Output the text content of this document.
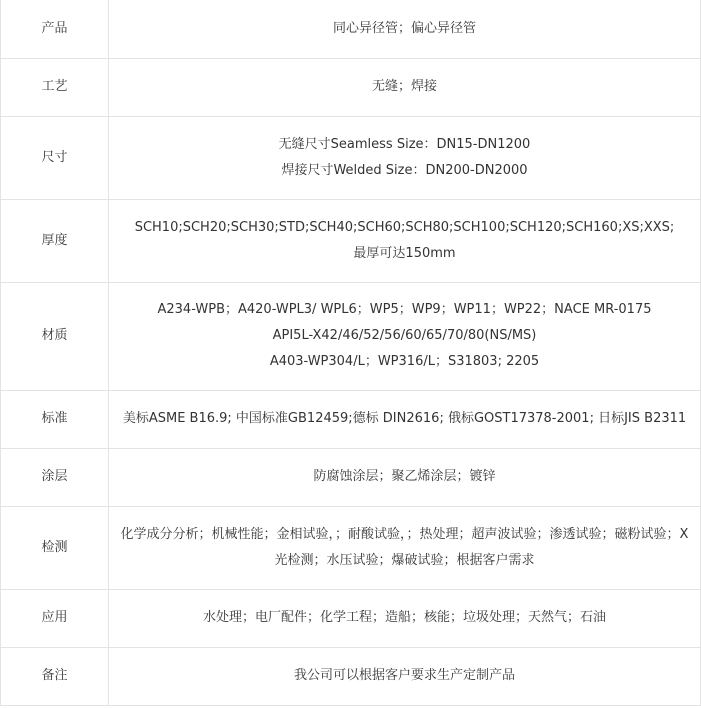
产品	同心异径管；偏心异径管

工艺	无缝；焊接

尺寸	无缝尺寸Seamless Size：DN15-DN1200
焊接尺寸Welded Size：DN200-DN2000

厚度	SCH10;SCH20;SCH30;STD;SCH40;SCH60;SCH80;SCH100;SCH120;SCH160;XS;XXS;
最厚可达150mm

材质	A234-WPB；A420-WPL3/ WPL6；WP5；WP9；WP11；WP22；NACE MR-0175
API5L-X42/46/52/56/60/65/70/80(NS/MS)
A403-WP304/L；WP316/L；S31803; 2205

标准	美标ASME B16.9; 中国标准GB12459;德标 DIN2616; 俄标GOST17378-2001; 日标JIS B2311

涂层	防腐蚀涂层；聚乙烯涂层；镀锌

检测	化学成分分析；机械性能；金相试验，；耐酸试验，；热处理；超声波试验；渗透试验；磁粉试验；X
光检测；水压试验；爆破试验；根据客户需求

应用	水处理；电厂配件；化学工程；造船；核能；垃圾处理；天然气；石油

备注	我公司可以根据客户要求生产定制产品
